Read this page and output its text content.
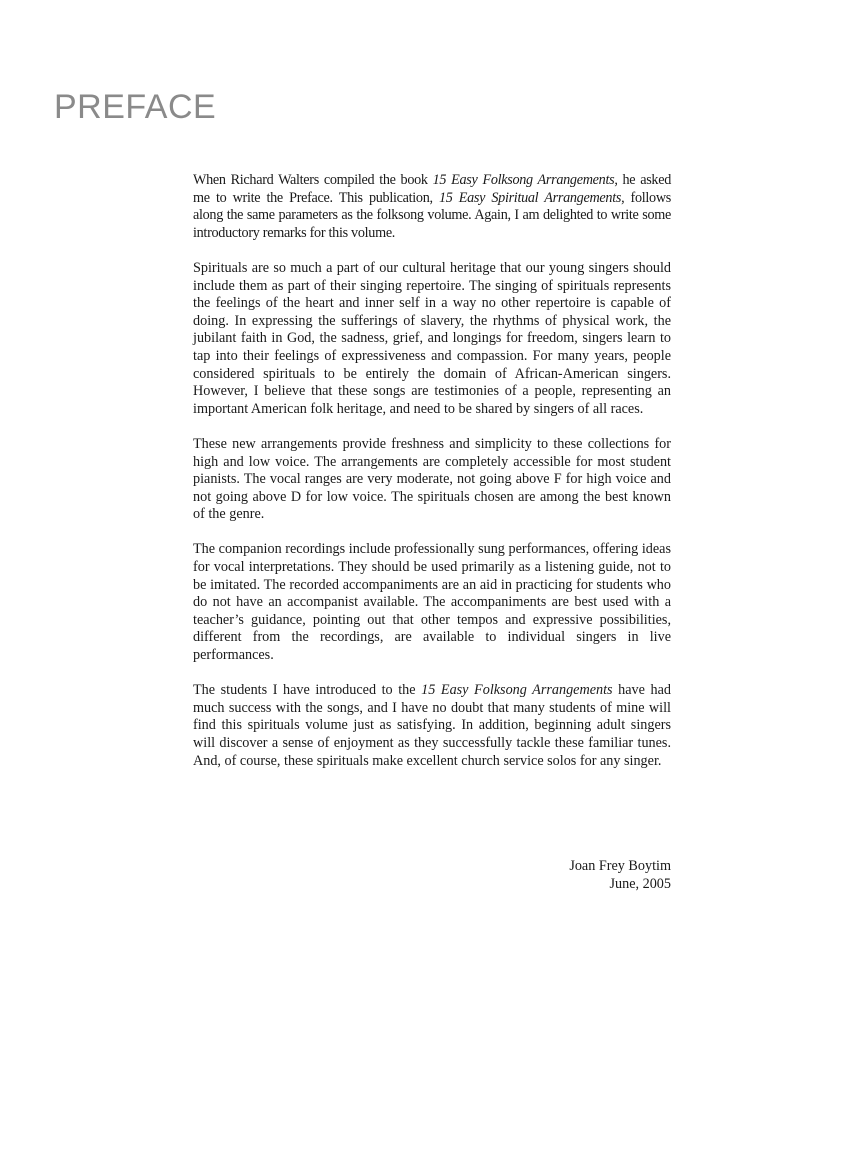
PREFACE

When Richard Walters compiled the book 15 Easy Folksong Arrangements, he asked me to write the Preface. This publication, 15 Easy Spiritual Arrangements, follows along the same parameters as the folksong volume. Again, I am delighted to write some introductory remarks for this volume.

Spirituals are so much a part of our cultural heritage that our young singers should include them as part of their singing repertoire. The singing of spirituals represents the feelings of the heart and inner self in a way no other repertoire is capable of doing. In expressing the sufferings of slavery, the rhythms of physical work, the jubilant faith in God, the sadness, grief, and longings for freedom, singers learn to tap into their feelings of expressiveness and compassion. For many years, people considered spirituals to be entirely the domain of African-American singers. However, I believe that these songs are testimonies of a people, representing an important American folk heritage, and need to be shared by singers of all races.

These new arrangements provide freshness and simplicity to these collections for high and low voice. The arrangements are completely accessible for most student pianists. The vocal ranges are very moderate, not going above F for high voice and not going above D for low voice. The spirituals chosen are among the best known of the genre.

The companion recordings include professionally sung performances, offering ideas for vocal interpretations. They should be used primarily as a listening guide, not to be imitated. The recorded accompaniments are an aid in practicing for students who do not have an accompanist available. The accompaniments are best used with a teacher’s guidance, pointing out that other tempos and expressive possibilities, different from the recordings, are available to individual singers in live performances.

The students I have introduced to the 15 Easy Folksong Arrangements have had much success with the songs, and I have no doubt that many students of mine will find this spirituals volume just as satisfying. In addition, beginning adult singers will discover a sense of enjoyment as they successfully tackle these familiar tunes. And, of course, these spirituals make excellent church service solos for any singer.

Joan Frey Boytim
June, 2005
